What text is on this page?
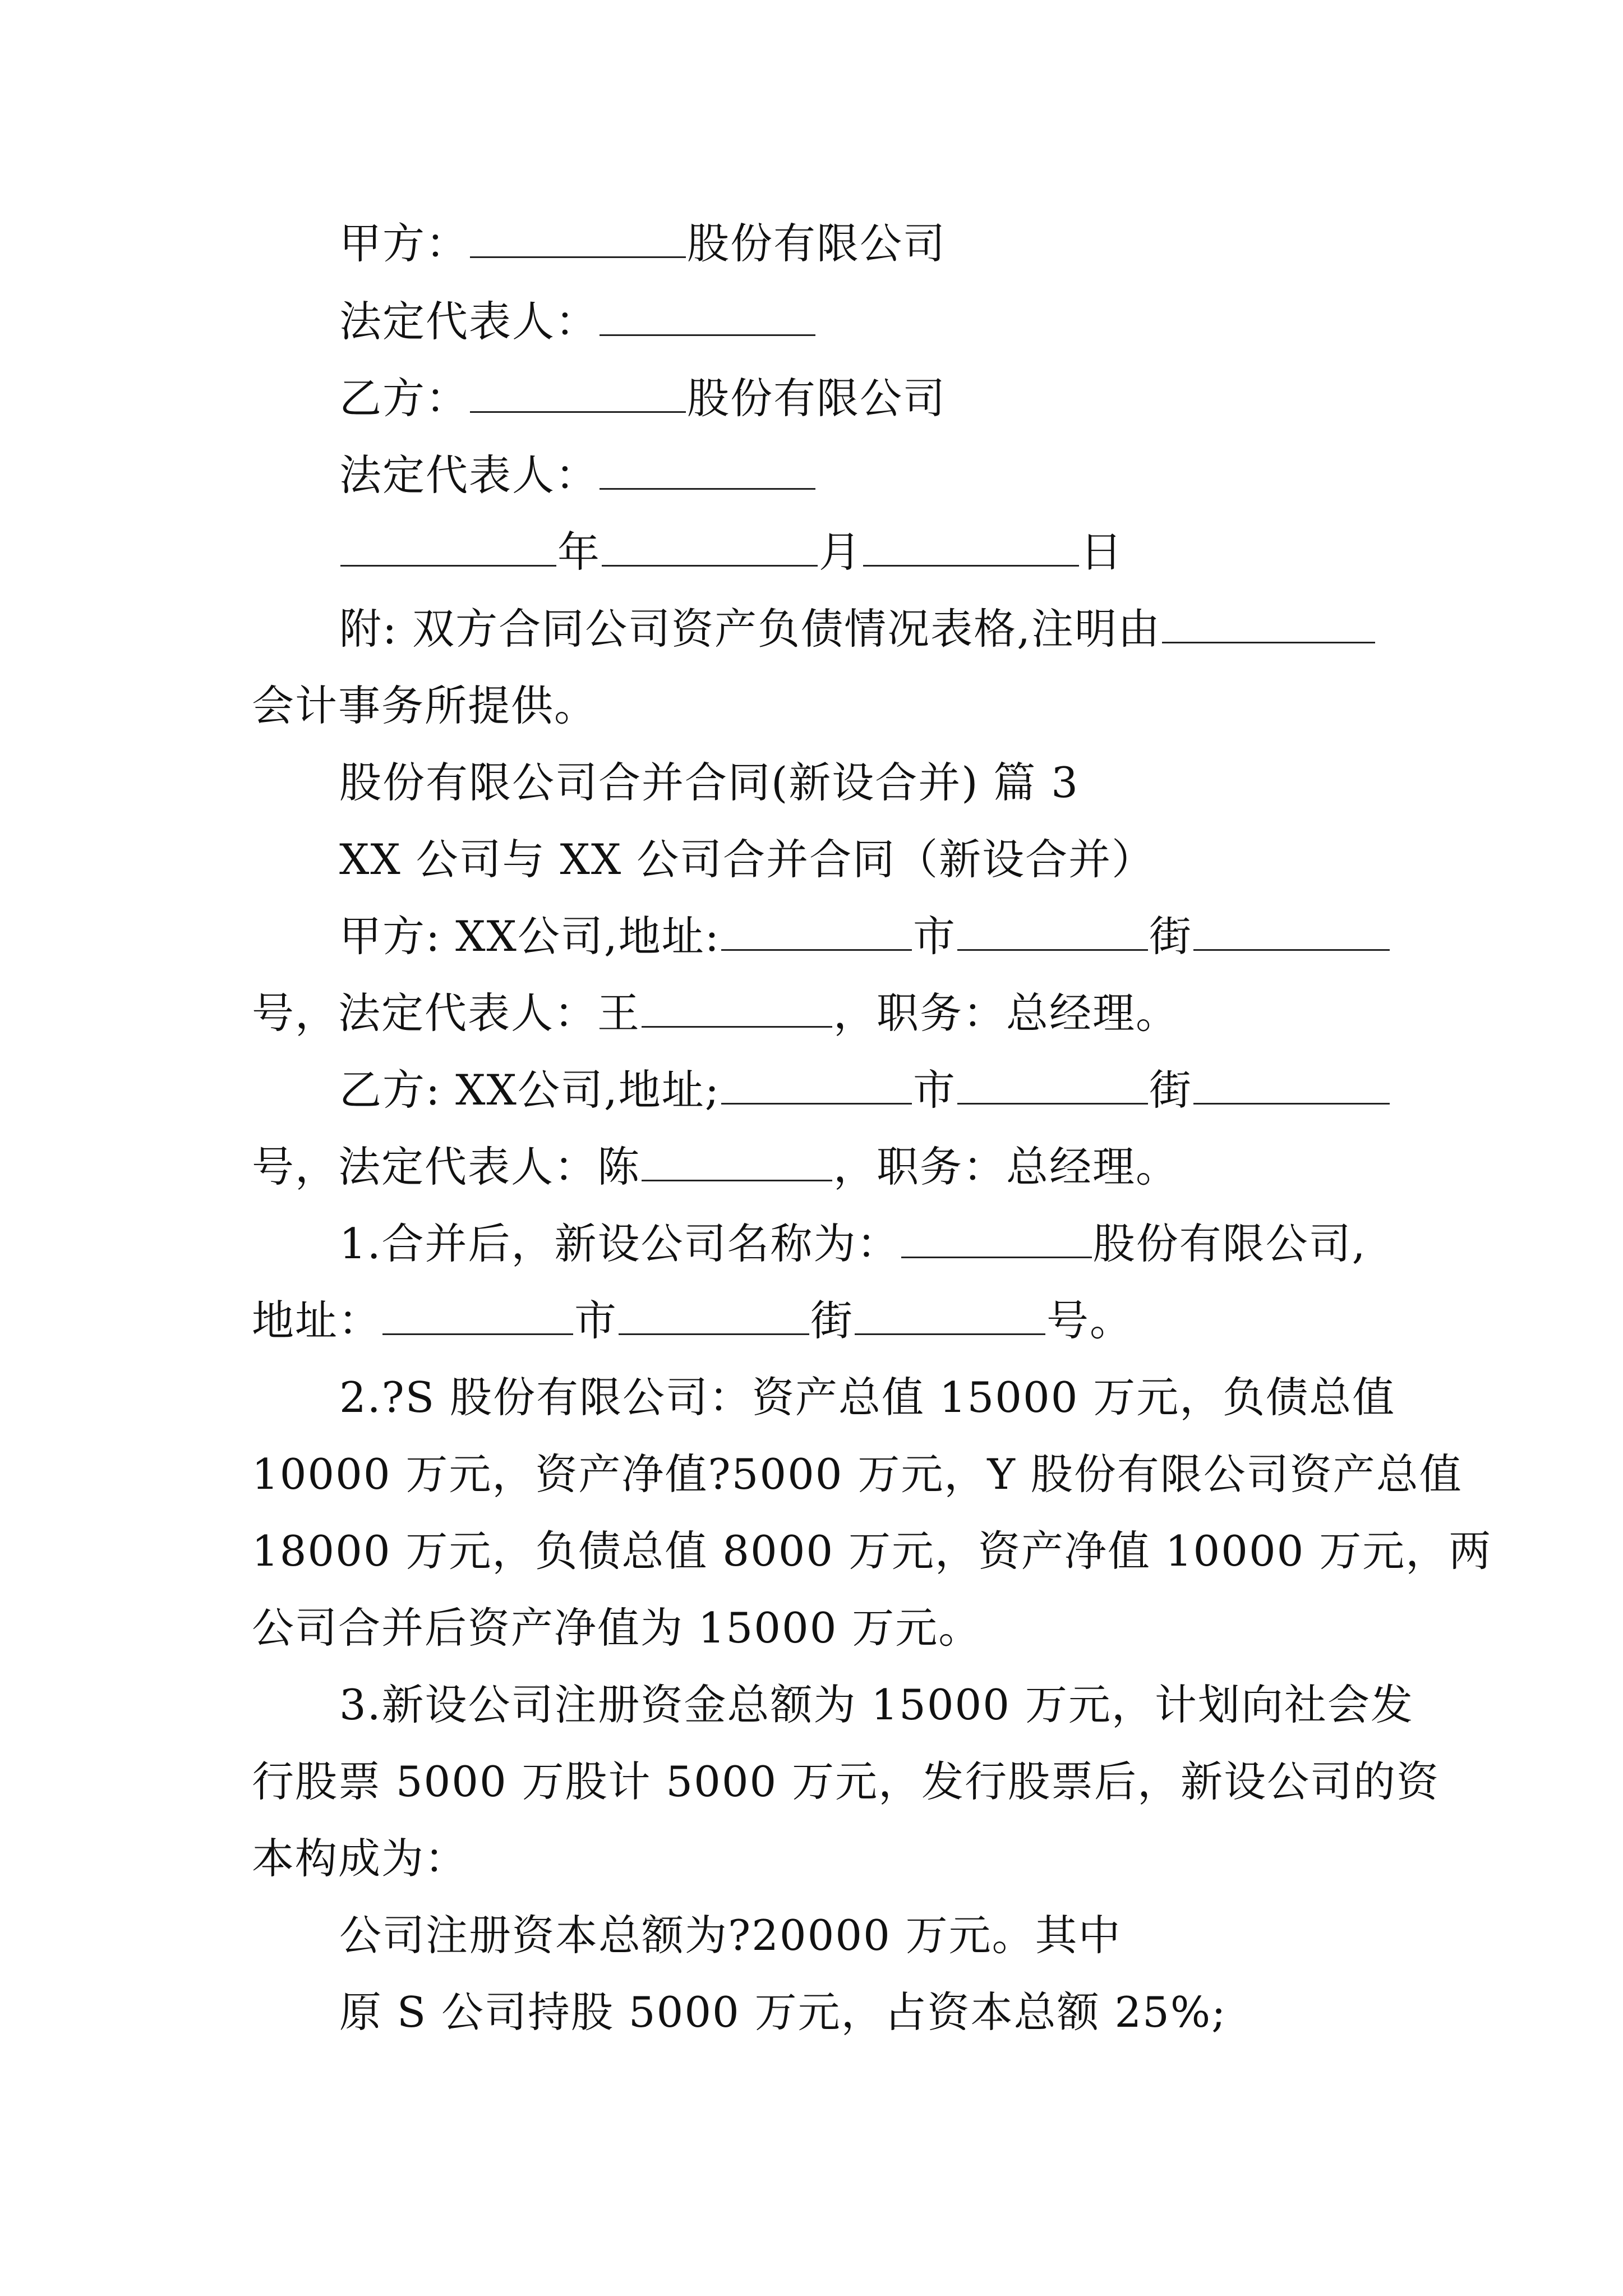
甲方：	股份有限公司
法定代表人：
乙方：	股份有限公司
法定代表人：
年	月	日
附: 双方合同公司资产负债情况表格,注明由
会计事务所提供。
股份有限公司合并合同(新设合并) 篇 3
XX 公司与 XX 公司合并合同（新设合并）
甲方: XX公司,地址:	市	街
号，法定代表人：王	，职务：总经理。
乙方: XX公司,地址;	市	街
号，法定代表人：陈	，职务：总经理。
1.合并后，新设公司名称为：	股份有限公司,
地址：	市	街	号。
2.?S 股份有限公司：资产总值 15000 万元，负债总值
10000 万元，资产净值?5000 万元，Y 股份有限公司资产总值
18000 万元，负债总值 8000 万元，资产净值 10000 万元，两
公司合并后资产净值为 15000 万元。
3.新设公司注册资金总额为 15000 万元，计划向社会发
行股票 5000 万股计 5000 万元，发行股票后，新设公司的资
本构成为：
公司注册资本总额为?20000 万元。其中
原 S 公司持股 5000 万元，占资本总额 25%;
